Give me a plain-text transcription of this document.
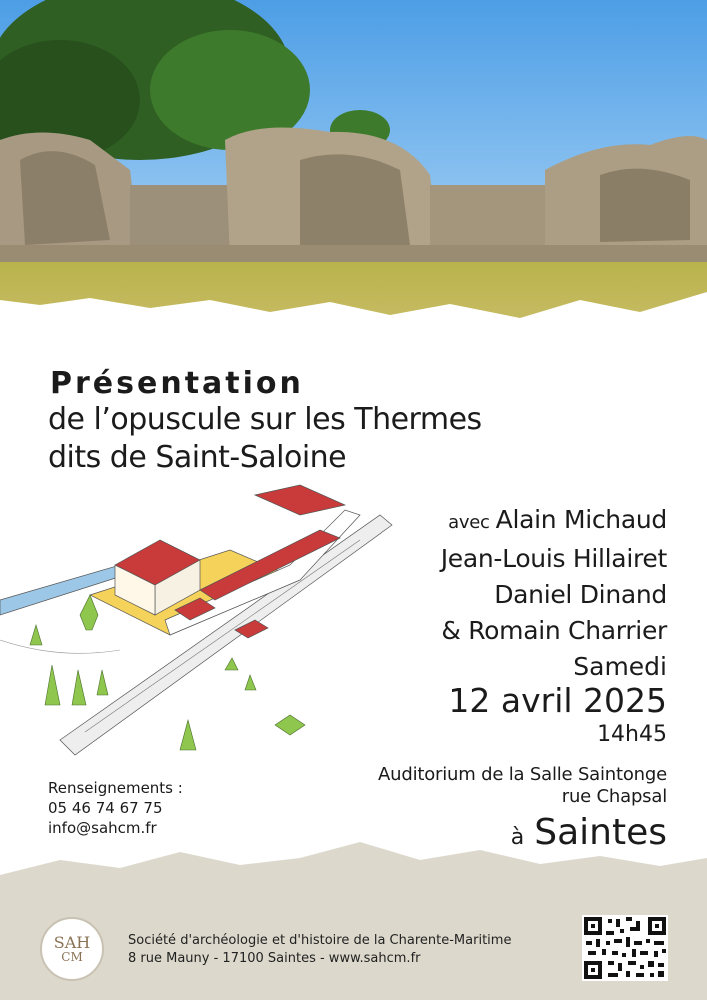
Présentation
de l’opuscule sur les Thermes
dits de Saint-Saloine
avec Alain Michaud
Jean-Louis Hillairet
Daniel Dinand
& Romain Charrier
Samedi
12 avril 2025
14h45
Renseignements :
05 46 74 67 75
info@sahcm.fr
Auditorium de la Salle Saintonge
rue Chapsal
à Saintes
SAH
CM
Société d'archéologie et d'histoire de la Charente-Maritime
8 rue Mauny - 17100 Saintes - www.sahcm.fr
